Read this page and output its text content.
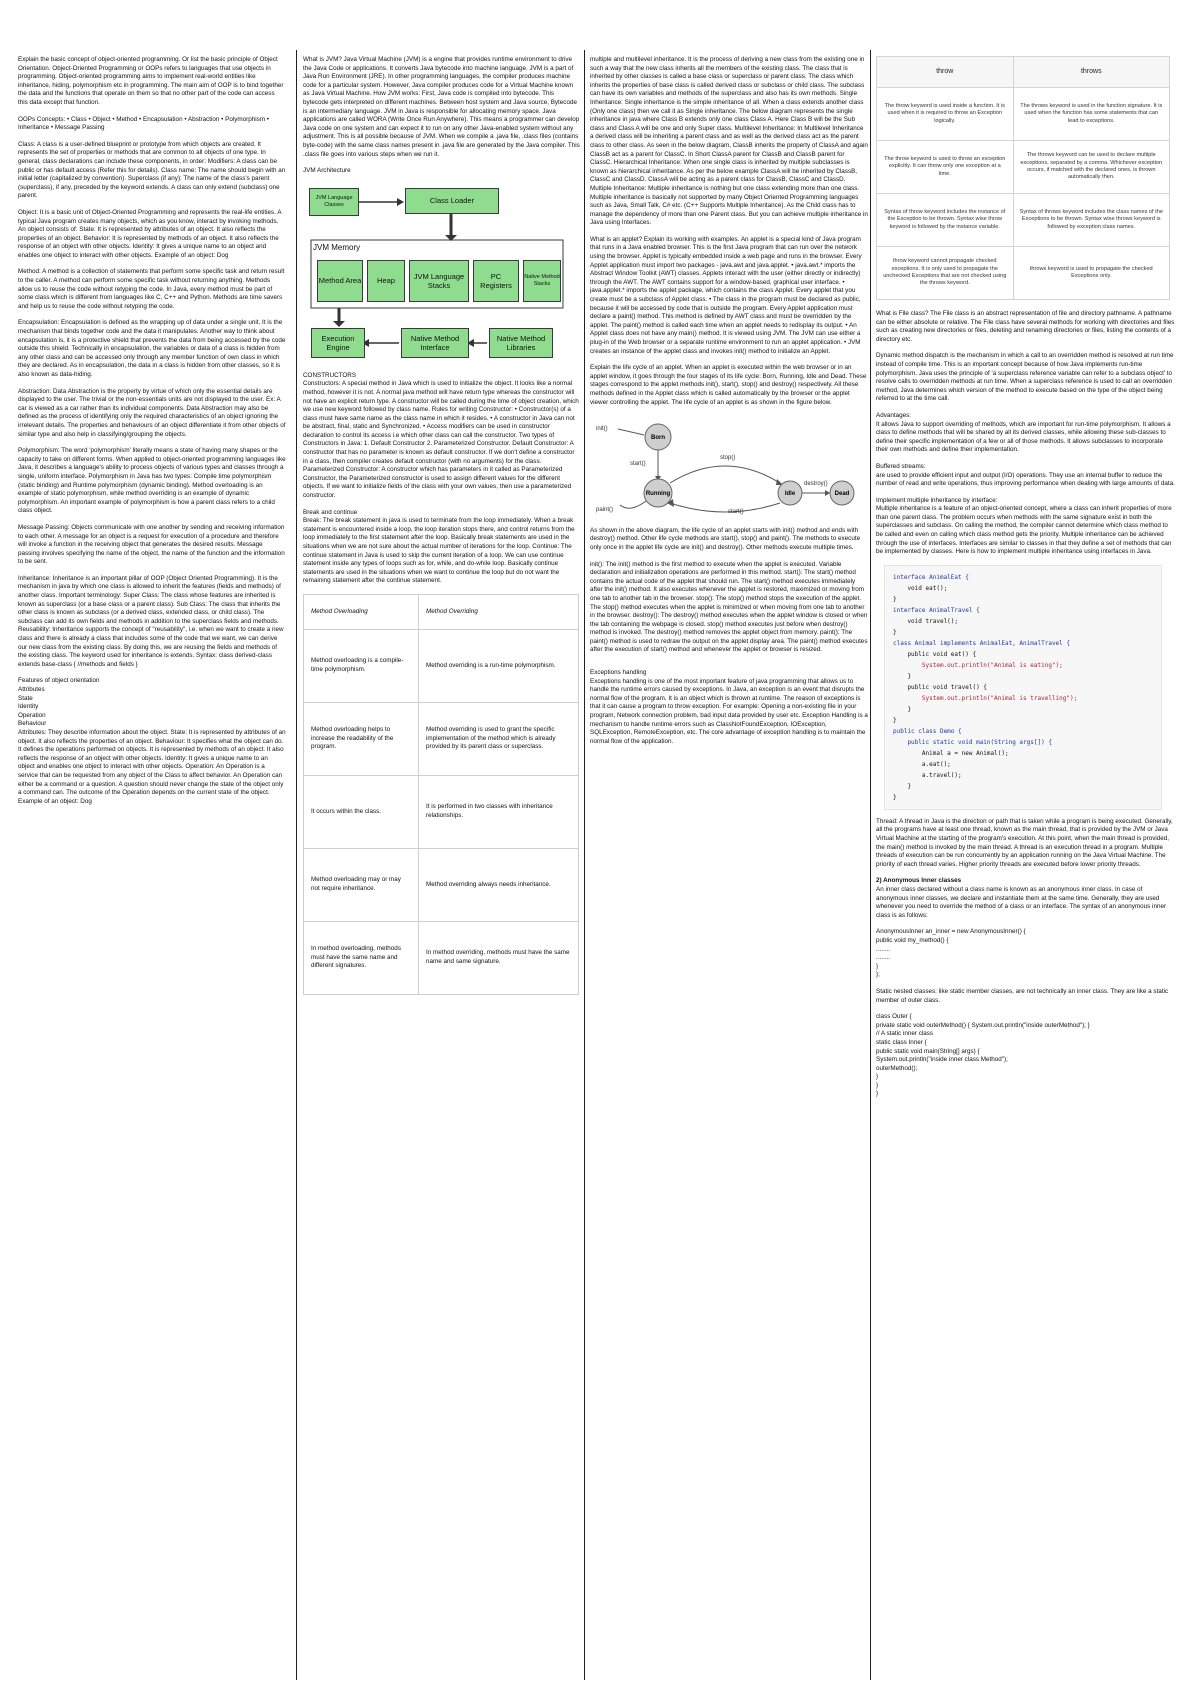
Explain the basic concept of object-oriented programming. Or list the basic principle of Object Orientation. Object-Oriented Programming or OOPs refers to languages that use objects in programming. Object-oriented programming aims to implement real-world entities like inheritance, hiding, polymorphism etc in programming. The main aim of OOP is to bind together the data and the functions that operate on them so that no other part of the code can access this data except that function.

OOPs Concepts: • Class • Object • Method • Encapsulation • Abstraction • Polymorphism • Inheritance • Message Passing

Class: A class is a user-defined blueprint or prototype from which objects are created. It represents the set of properties or methods that are common to all objects of one type. In general, class declarations can include these components, in order: Modifiers: A class can be public or has default access (Refer this for details). Class name: The name should begin with an initial letter (capitalized by convention). Superclass (if any): The name of the class's parent (superclass), if any, preceded by the keyword extends. A class can only extend (subclass) one parent.

Object: It is a basic unit of Object-Oriented Programming and represents the real-life entities. A typical Java program creates many objects, which as you know, interact by invoking methods. An object consists of: State: It is represented by attributes of an object. It also reflects the properties of an object. Behavior: It is represented by methods of an object. It also reflects the response of an object with other objects. Identity: It gives a unique name to an object and enables one object to interact with other objects. Example of an object: Dog

Method: A method is a collection of statements that perform some specific task and return result to the caller. A method can perform some specific task without returning anything. Methods allow us to reuse the code without retyping the code. In Java, every method must be part of some class which is different from languages like C, C++ and Python. Methods are time savers and help us to reuse the code without retyping the code.

Encapsulation: Encapsulation is defined as the wrapping up of data under a single unit. It is the mechanism that binds together code and the data it manipulates. Another way to think about encapsulation is, it is a protective shield that prevents the data from being accessed by the code outside this shield. Technically in encapsulation, the variables or data of a class is hidden from any other class and can be accessed only through any member function of own class in which they are declared. As in encapsulation, the data in a class is hidden from other classes, so it is also known as data-hiding.

Abstraction: Data Abstraction is the property by virtue of which only the essential details are displayed to the user. The trivial or the non-essentials units are not displayed to the user. Ex: A car is viewed as a car rather than its individual components. Data Abstraction may also be defined as the process of identifying only the required characteristics of an object ignoring the irrelevant details. The properties and behaviours of an object differentiate it from other objects of similar type and also help in classifying/grouping the objects.

Polymorphism: The word 'polymorphism' literally means a state of having many shapes or the capacity to take on different forms. When applied to object-oriented programming languages like Java, it describes a language's ability to process objects of various types and classes through a single, uniform interface. Polymorphism in Java has two types: Compile time polymorphism (static binding) and Runtime polymorphism (dynamic binding). Method overloading is an example of static polymorphism, while method overriding is an example of dynamic polymorphism. An important example of polymorphism is how a parent class refers to a child class object.

Message Passing: Objects communicate with one another by sending and receiving information to each other. A message for an object is a request for execution of a procedure and therefore will invoke a function in the receiving object that generates the desired results. Message passing involves specifying the name of the object, the name of the function and the information to be sent.

Inheritance: Inheritance is an important pillar of OOP (Object Oriented Programming). It is the mechanism in java by which one class is allowed to inherit the features (fields and methods) of another class. Important terminology: Super Class: The class whose features are inherited is known as superclass (or a base class or a parent class). Sub Class: The class that inherits the other class is known as subclass (or a derived class, extended class, or child class). The subclass can add its own fields and methods in addition to the superclass fields and methods. Reusability: Inheritance supports the concept of "reusability", i.e. when we want to create a new class and there is already a class that includes some of the code that we want, we can derive our new class from the existing class. By doing this, we are reusing the fields and methods of the existing class. The keyword used for inheritance is extends. Syntax: class derived-class extends base-class { //methods and fields }

Features of object orientation
Attributes
State
Identity
Operation
Behaviour

Attributes: They describe information about the object. State: It is represented by attributes of an object. It also reflects the properties of an object. Behaviour: It specifies what the object can do. It defines the operations performed on objects. It is represented by methods of an object. It also reflects the response of an object with other objects. Identity: It gives a unique name to an object and enables one object to interact with other objects. Operation: An Operation is a service that can be requested from any object of the Class to affect behavior. An Operation can either be a command or a question. A question should never change the state of the object only a command can. The outcome of the Operation depends on the current state of the object. Example of an object: Dog

What is JVM? Java Virtual Machine (JVM) is a engine that provides runtime environment to drive the Java Code or applications. It converts Java bytecode into machine language. JVM is a part of Java Run Environment (JRE). In other programming languages, the compiler produces machine code for a particular system. However, Java compiler produces code for a Virtual Machine known as Java Virtual Machine. How JVM works: First, Java code is compiled into bytecode. This bytecode gets interpreted on different machines. Between host system and Java source, Bytecode is an intermediary language. JVM in Java is responsible for allocating memory space. Java applications are called WORA (Write Once Run Anywhere). This means a programmer can develop Java code on one system and can expect it to run on any other Java-enabled system without any adjustment. This is all possible because of JVM. When we compile a .java file, .class files (contains byte-code) with the same class names present in .java file are generated by the Java compiler. This .class file goes into various steps when we run it.

JVM Architecture
JVM Language Classes	Class Loader
JVM Memory
Method Area	Heap	JVM Language Stacks
PC Registers
Native Method Stacks
Execution Engine
Native Method Interface
Native Method Libraries
CONSTRUCTORS

Constructors: A special method in Java which is used to initialize the object. It looks like a normal method, however it is not. A normal java method will have return type whereas the constructor will not have an explicit return type. A constructor will be called during the time of object creation, which we use new keyword followed by class name. Rules for writing Constructor: • Constructor(s) of a class must have same name as the class name in which it resides. • A constructor in Java can not be abstract, final, static and Synchronized. • Access modifiers can be used in constructor declaration to control its access i.e which other class can call the constructor. Two types of Constructors in Java: 1. Default Constructor 2. Parameterized Constructor. Default Constructor: A constructor that has no parameter is known as default constructor. If we don't define a constructor in a class, then compiler creates default constructor (with no arguments) for the class. Parameterized Constructor: A constructor which has parameters in it called as Parameterized Constructor, the Parameterized constructor is used to assign different values for the different objects. If we want to initialize fields of the class with your own values, then use a parameterized constructor.

Break and continue

Break: The break statement in java is used to terminate from the loop immediately. When a break statement is encountered inside a loop, the loop iteration stops there, and control returns from the loop immediately to the first statement after the loop. Basically break statements are used in the situations when we are not sure about the actual number of iterations for the loop. Continue: The continue statement in Java is used to skip the current iteration of a loop. We can use continue statement inside any types of loops such as for, while, and do-while loop. Basically continue statements are used in the situations when we want to continue the loop but do not want the remaining statement after the continue statement.

Method Overloading	Method Overriding
Method overloading is a compile-time polymorphism.	Method overriding is a run-time polymorphism.
Method overloading helps to increase the readability of the program.	Method overriding is used to grant the specific implementation of the method which is already provided by its parent class or superclass.
It occurs within the class.	It is performed in two classes with inheritance relationships.
Method overloading may or may not require inheritance.	Method overriding always needs inheritance.
In method overloading, methods must have the same name and different signatures.	In method overriding, methods must have the same name and same signature.

multiple and multilevel inheritance. It is the process of deriving a new class from the existing one in such a way that the new class inherits all the members of the existing class. The class that is inherited by other classes is called a base class or superclass or parent class. The class which inherits the properties of base class is called derived class or subclass or child class. The subclass can have its own variables and methods of the superclass and also has its own methods. Single Inheritance: Single inheritance is the simple inheritance of all. When a class extends another class (Only one class) then we call it as Single inheritance. The below diagram represents the single inheritance in java where Class B extends only one class Class A. Here Class B will be the Sub class and Class A will be one and only Super class. Multilevel Inheritance: In Multilevel Inheritance a derived class will be inheriting a parent class and as well as the derived class act as the parent class to other class. As seen in the below diagram, ClassB inherits the property of ClassA and again ClassB act as a parent for ClassC. In Short ClassA parent for ClassB and ClassB parent for ClassC. Hierarchical Inheritance: When one single class is inherited by multiple subclasses is known as hierarchical inheritance. As per the below example ClassA will be inherited by ClassB, ClassC and ClassD. ClassA will be acting as a parent class for ClassB, ClassC and ClassD. Multiple Inheritance: Multiple inheritance is nothing but one class extending more than one class. Multiple inheritance is basically not supported by many Object Oriented Programming languages such as Java, Small Talk, C# etc. (C++ Supports Multiple Inheritance). As the Child class has to manage the dependency of more than one Parent class. But you can achieve multiple inheritance in Java using Interfaces.

What is an applet? Explain its working with examples. An applet is a special kind of Java program that runs in a Java enabled browser. This is the first Java program that can run over the network using the browser. Applet is typically embedded inside a web page and runs in the browser. Every Applet application must import two packages - java.awt and java.applet. • java.awt.* imports the Abstract Window Toolkit (AWT) classes. Applets interact with the user (either directly or indirectly) through the AWT. The AWT contains support for a window-based, graphical user interface. • java.applet.* imports the applet package, which contains the class Applet. Every applet that you create must be a subclass of Applet class. • The class in the program must be declared as public, because it will be accessed by code that is outside the program. Every Applet application must declare a paint() method. This method is defined by AWT class and must be overridden by the applet. The paint() method is called each time when an applet needs to redisplay its output. • An Applet class does not have any main() method. It is viewed using JVM. The JVM can use either a plug-in of the Web browser or a separate runtime environment to run an applet application. • JVM creates an instance of the applet class and invokes init() method to initialize an Applet.

Explain the life cycle of an applet. When an applet is executed within the web browser or in an applet window, it goes through the four stages of its life cycle: Born, Running, Idle and Dead. These stages correspond to the applet methods init(), start(), stop() and destroy() respectively. All these methods defined in the Applet class which is called automatically by the browser or the applet viewer controlling the applet. The life cycle of an applet is as shown in the figure below.

init()
Born
start()
Running
stop()
Idle
start()
destroy()
Dead
paint()

As shown in the above diagram, the life cycle of an applet starts with init() method and ends with destroy() method. Other life cycle methods are start(), stop() and paint(). The methods to execute only once in the applet life cycle are init() and destroy(). Other methods execute multiple times.

init(): The init() method is the first method to execute when the applet is executed. Variable declaration and initialization operations are performed in this method. start(): The start() method contains the actual code of the applet that should run. The start() method executes immediately after the init() method. It also executes whenever the applet is restored, maximized or moving from one tab to another tab in the browser. stop(): The stop() method stops the execution of the applet. The stop() method executes when the applet is minimized or when moving from one tab to another in the browser. destroy(): The destroy() method executes when the applet window is closed or when the tab containing the webpage is closed. stop() method executes just before when destroy() method is invoked. The destroy() method removes the applet object from memory. paint(): The paint() method is used to redraw the output on the applet display area. The paint() method executes after the execution of start() method and whenever the applet or browser is resized.

Exceptions handling

Exceptions handling is one of the most important feature of java programming that allows us to handle the runtime errors caused by exceptions. In Java, an exception is an event that disrupts the normal flow of the program. It is an object which is thrown at runtime. The reason of exceptions is that it can cause a program to throw exception. For example: Opening a non-existing file in your program, Network connection problem, bad input data provided by user etc. Exception Handling is a mechanism to handle runtime errors such as ClassNotFoundException, IOException, SQLException, RemoteException, etc. The core advantage of exception handling is to maintain the normal flow of the application.

throw	throws
The throw keyword is used inside a function. It is used when it is required to throw an Exception logically.	The throws keyword is used in the function signature. It is used when the function has some statements that can lead to exceptions.
The throw keyword is used to throw an exception explicitly. It can throw only one exception at a time.	The throws keyword can be used to declare multiple exceptions, separated by a comma. Whichever exception occurs, if matched with the declared ones, is thrown automatically then.
Syntax of throw keyword includes the instance of the Exception to be thrown. Syntax wise throw keyword is followed by the instance variable.	Syntax of throws keyword includes the class names of the Exceptions to be thrown. Syntax wise throws keyword is followed by exception class names.
throw keyword cannot propagate checked exceptions. It is only used to propagate the unchecked Exceptions that are not checked using the throws keyword.	throws keyword is used to propagate the checked Exceptions only.

What is File class? The File class is an abstract representation of file and directory pathname. A pathname can be either absolute or relative. The File class have several methods for working with directories and files such as creating new directories or files, deleting and renaming directories or files, listing the contents of a directory etc.

Dynamic method dispatch is the mechanism in which a call to an overridden method is resolved at run time instead of compile time. This is an important concept because of how Java implements run-time polymorphism. Java uses the principle of 'a superclass reference variable can refer to a subclass object' to resolve calls to overridden methods at run time. When a superclass reference is used to call an overridden method, Java determines which version of the method to execute based on the type of the object being referred to at the time call.

Advantages:

It allows Java to support overriding of methods, which are important for run-time polymorphism. It allows a class to define methods that will be shared by all its derived classes, while allowing these sub-classes to define their specific implementation of a few or all of those methods. It allows subclasses to incorporate their own methods and define their implementation.

Buffered streams:

are used to provide efficient input and output (I/O) operations. They use an internal buffer to reduce the number of read and write operations, thus improving performance when dealing with large amounts of data.

Implement multiple inheritance by interface:

Multiple inheritance is a feature of an object-oriented concept, where a class can inherit properties of more than one parent class. The problem occurs when methods with the same signature exist in both the superclasses and subclass. On calling the method, the compiler cannot determine which class method to be called and even on calling which class method gets the priority. Multiple inheritance can be achieved through the use of interfaces. Interfaces are similar to classes in that they define a set of methods that can be implemented by classes. Here is how to implement multiple inheritance using interfaces in Java.

interface AnimalEat {
void eat();
}
interface AnimalTravel {
void travel();
}
class Animal implements AnimalEat, AnimalTravel {
public void eat() {
System.out.println("Animal is eating");
}
public void travel() {
System.out.println("Animal is travelling");
}
}
public class Demo {
public static void main(String args[]) {
Animal a = new Animal();
a.eat();
a.travel();
}
}

Thread: A thread in Java is the direction or path that is taken while a program is being executed. Generally, all the programs have at least one thread, known as the main thread, that is provided by the JVM or Java Virtual Machine at the starting of the program's execution. At this point, when the main thread is provided, the main() method is invoked by the main thread. A thread is an execution thread in a program. Multiple threads of execution can be run concurrently by an application running on the Java Virtual Machine. The priority of each thread varies. Higher priority threads are executed before lower priority threads.

2) Anonymous Inner classes

An inner class declared without a class name is known as an anonymous inner class. In case of anonymous inner classes, we declare and instantiate them at the same time. Generally, they are used whenever you need to override the method of a class or an interface. The syntax of an anonymous inner class is as follows:

AnonymousInner an_inner = new AnonymousInner() {
public void my_method() {
........
........
}
};

Static nested classes: like static member classes, are not technically an inner class. They are like a static member of outer class.

class Outer {
private static void outerMethod() { System.out.println("inside outerMethod"); }
// A static inner class
static class Inner {
public static void main(String[] args) {
System.out.println("inside inner class Method");
outerMethod();
}
}
}
